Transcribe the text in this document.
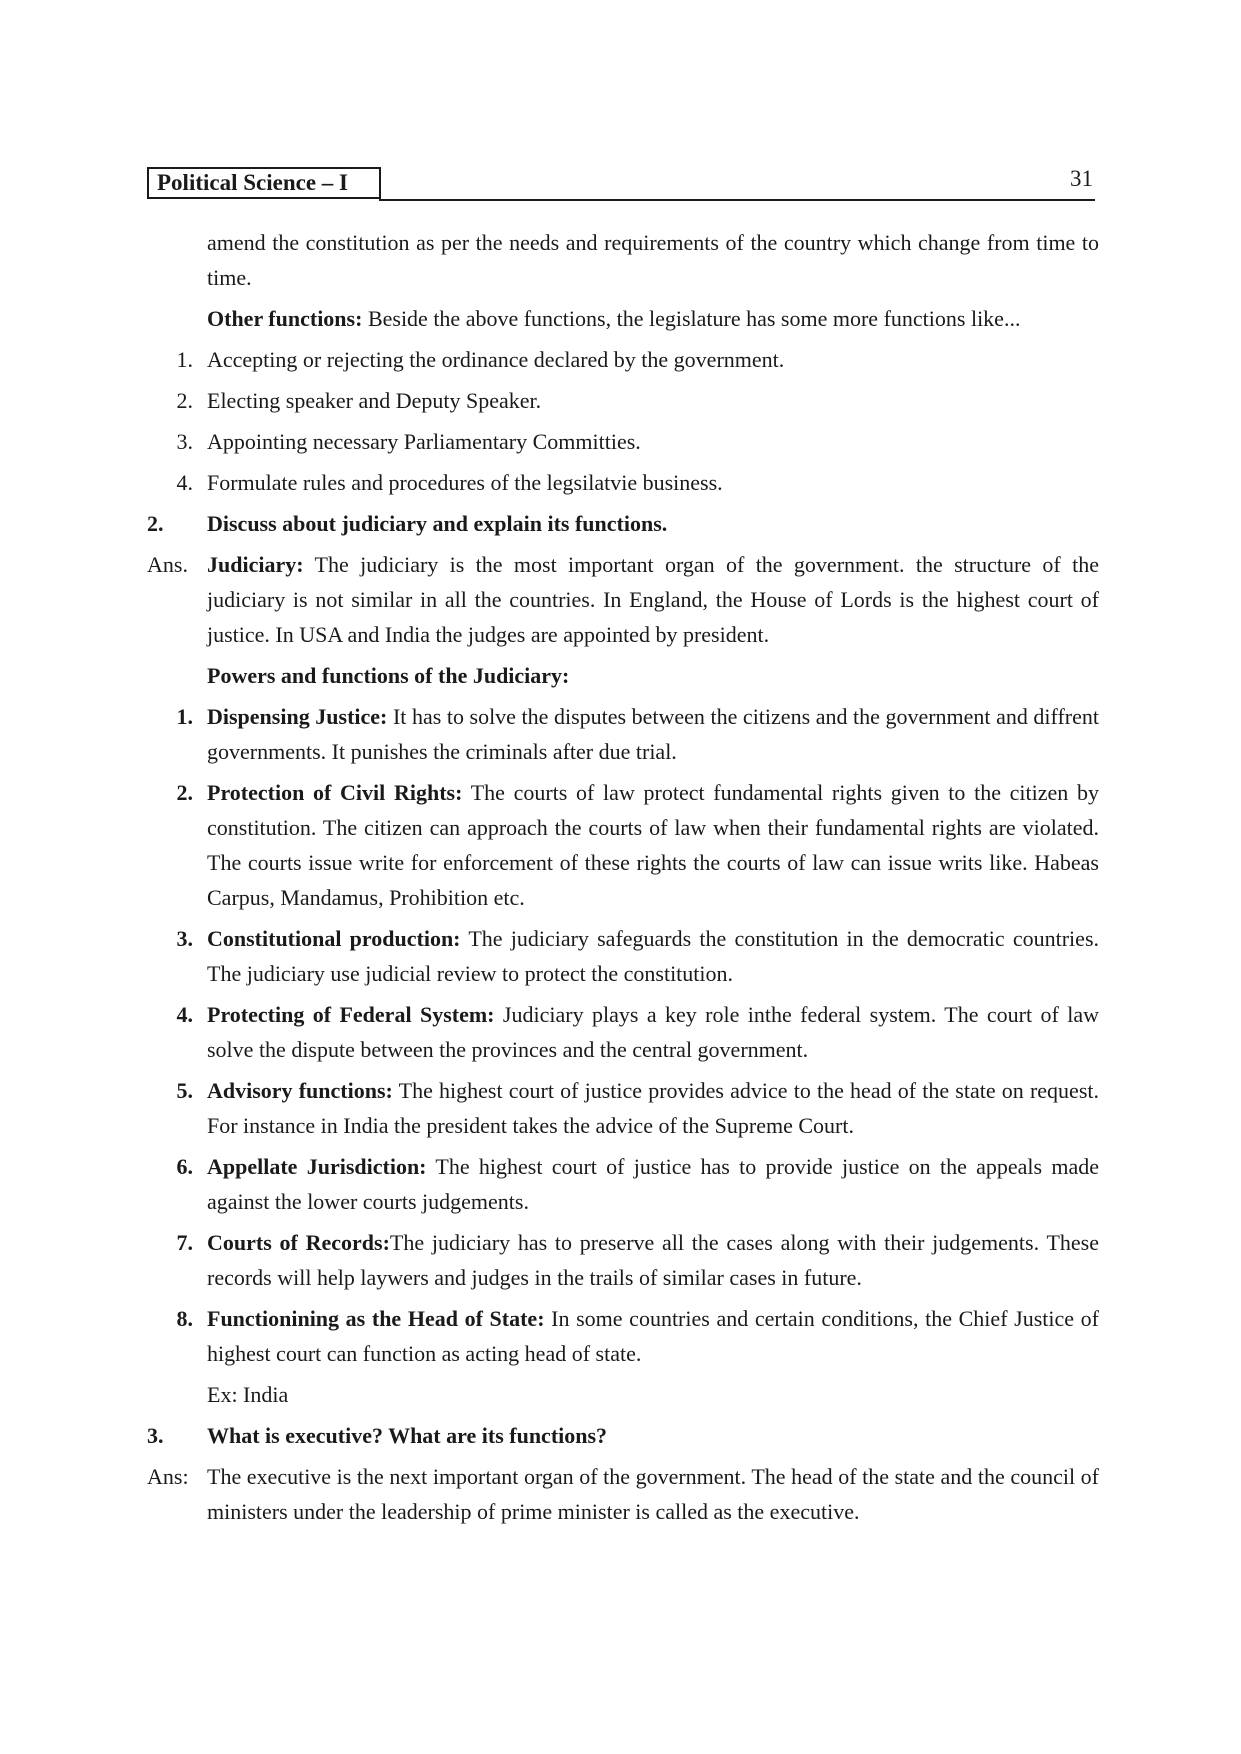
Political Science – I	31
amend the constitution as per the needs and requirements of the country which change from time to time.
Other functions: Beside the above functions, the legislature has some more functions like...
1. Accepting or rejecting the ordinance declared by the government.
2. Electing speaker and Deputy Speaker.
3. Appointing necessary Parliamentary Committies.
4. Formulate rules and procedures of the legsilatvie business.
2.	Discuss about judiciary and explain its functions.
Ans. Judiciary: The judiciary is the most important organ of the government. the structure of the judiciary is not similar in all the countries. In England, the House of Lords is the highest court of justice. In USA and India the judges are appointed by president.
Powers and functions of the Judiciary:
1. Dispensing Justice: It has to solve the disputes between the citizens and the government and diffrent governments. It punishes the criminals after due trial.
2. Protection of Civil Rights: The courts of law protect fundamental rights given to the citizen by constitution. The citizen can approach the courts of law when their fundamental rights are violated. The courts issue write for enforcement of these rights the courts of law can issue writs like. Habeas Carpus, Mandamus, Prohibition etc.
3. Constitutional production: The judiciary safeguards the constitution in the democratic countries. The judiciary use judicial review to protect the constitution.
4. Protecting of Federal System: Judiciary plays a key role inthe federal system. The court of law solve the dispute between the provinces and the central government.
5. Advisory functions: The highest court of justice provides advice to the head of the state on request. For instance in India the president takes the advice of the Supreme Court.
6. Appellate Jurisdiction: The highest court of justice has to provide justice on the appeals made against the lower courts judgements.
7. Courts of Records:The judiciary has to preserve all the cases along with their judgements. These records will help laywers and judges in the trails of similar cases in future.
8. Functionining as the Head of State: In some countries and certain conditions, the Chief Justice of highest court can function as acting head of state.
Ex: India
3.	What is executive? What are its functions?
Ans: The executive is the next important organ of the government. The head of the state and the council of ministers under the leadership of prime minister is called as the executive.
